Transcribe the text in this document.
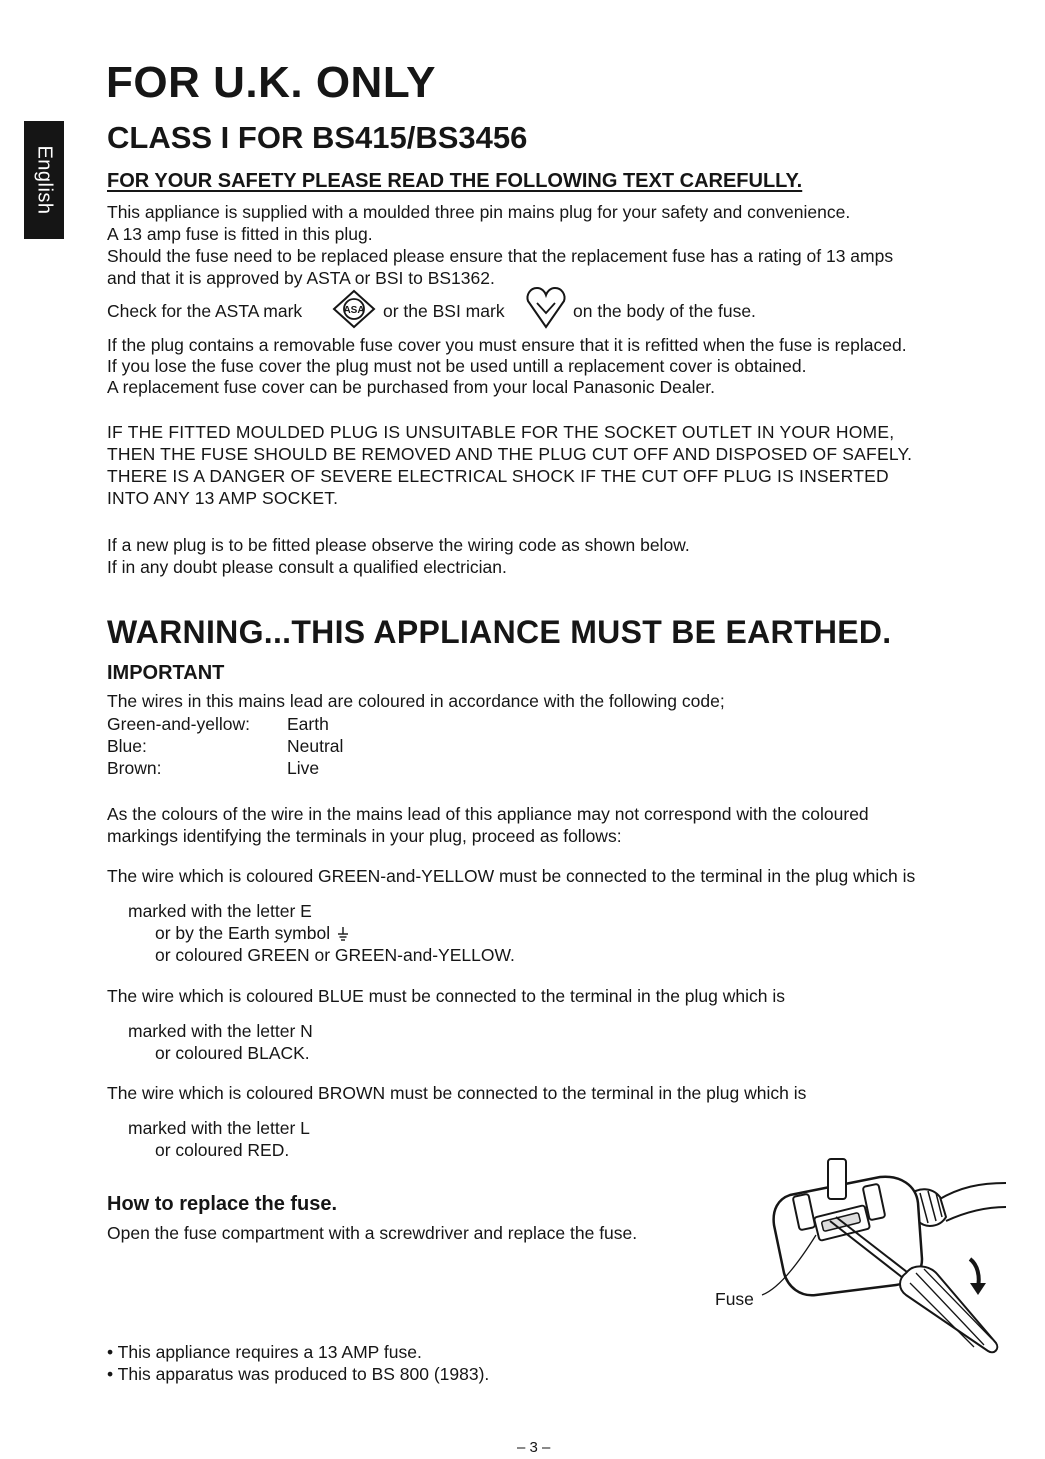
English
FOR U.K. ONLY
CLASS I FOR BS415/BS3456
FOR YOUR SAFETY PLEASE READ THE FOLLOWING TEXT CAREFULLY.
This appliance is supplied with a moulded three pin mains plug for your safety and convenience.
A 13 amp fuse is fitted in this plug.
Should the fuse need to be replaced please ensure that the replacement fuse has a rating of 13 amps
and that it is approved by ASTA or BSI to BS1362.
Check for the ASTA mark	ASA or the BSI mark	on the body of the fuse.
If the plug contains a removable fuse cover you must ensure that it is refitted when the fuse is replaced.
If you lose the fuse cover the plug must not be used untill a replacement cover is obtained.
A replacement fuse cover can be purchased from your local Panasonic Dealer.
IF THE FITTED MOULDED PLUG IS UNSUITABLE FOR THE SOCKET OUTLET IN YOUR HOME,
THEN THE FUSE SHOULD BE REMOVED AND THE PLUG CUT OFF AND DISPOSED OF SAFELY.
THERE IS A DANGER OF SEVERE ELECTRICAL SHOCK IF THE CUT OFF PLUG IS INSERTED
INTO ANY 13 AMP SOCKET.
If a new plug is to be fitted please observe the wiring code as shown below.
If in any doubt please consult a qualified electrician.
WARNING...THIS APPLIANCE MUST BE EARTHED.
IMPORTANT
The wires in this mains lead are coloured in accordance with the following code;
Green-and-yellow: Earth
Blue:	Neutral
Brown:	Live
As the colours of the wire in the mains lead of this appliance may not correspond with the coloured
markings identifying the terminals in your plug, proceed as follows:
The wire which is coloured GREEN-and-YELLOW must be connected to the terminal in the plug which is
marked with the letter E
or by the Earth symbol
or coloured GREEN or GREEN-and-YELLOW.
The wire which is coloured BLUE must be connected to the terminal in the plug which is
marked with the letter N
or coloured BLACK.
The wire which is coloured BROWN must be connected to the terminal in the plug which is
marked with the letter L
or coloured RED.
How to replace the fuse.
Open the fuse compartment with a screwdriver and replace the fuse.
Fuse
• This appliance requires a 13 AMP fuse.
• This apparatus was produced to BS 800 (1983).
– 3 –
